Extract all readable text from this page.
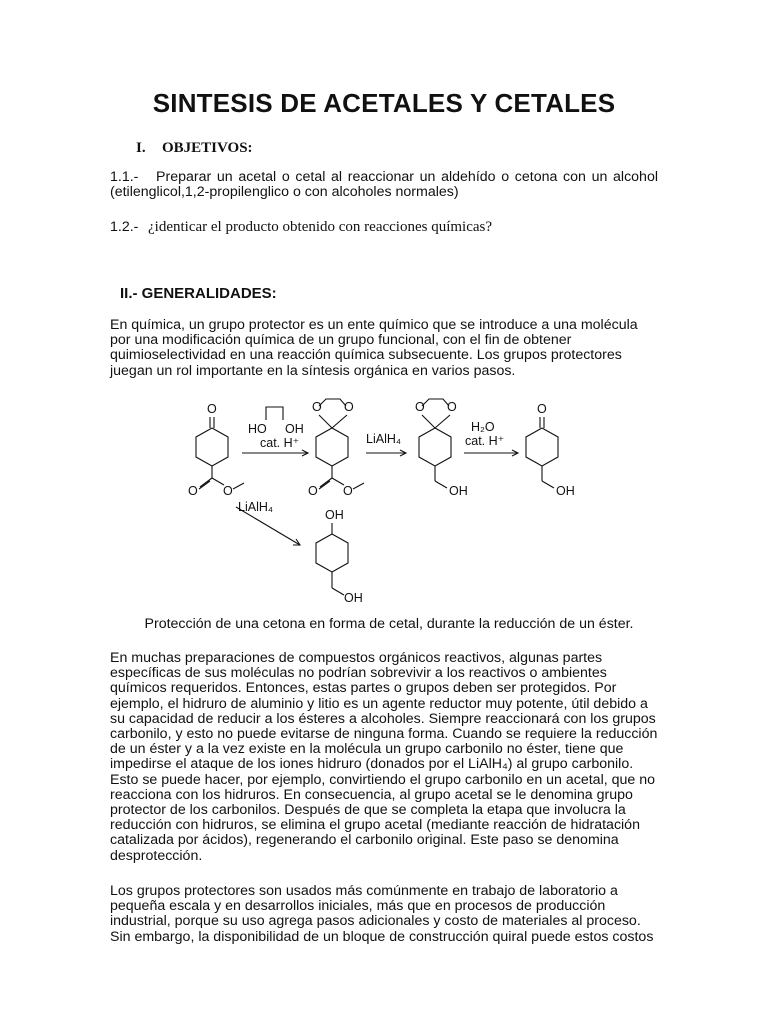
SINTESIS DE ACETALES Y CETALES
I. OBJETIVOS:
1.1.-	Preparar un acetal o cetal al reaccionar un aldehído o cetona con un alcohol
(etilenglicol,1,2-propilenglico o con alcoholes normales)
1.2.- ¿identicar el producto obtenido con reacciones químicas?
II.- GENERALIDADES:
En química, un grupo protector es un ente químico que se introduce a una molécula
por una modificación química de un grupo funcional, con el fin de obtener
quimioselectividad en una reacción química subsecuente. Los grupos protectores
juegan un rol importante en la síntesis orgánica en varios pasos.
O
O O
HO OH
cat. H⁺
O O
O O
LiAlH₄
O O
OH
H₂O
cat. H⁺
O
OH
LiAlH₄
OH
OH
Protección de una cetona en forma de cetal, durante la reducción de un éster.
En muchas preparaciones de compuestos orgánicos reactivos, algunas partes
específicas de sus moléculas no podrían sobrevivir a los reactivos o ambientes
químicos requeridos. Entonces, estas partes o grupos deben ser protegidos. Por
ejemplo, el hidruro de aluminio y litio es un agente reductor muy potente, útil debido a
su capacidad de reducir a los ésteres a alcoholes. Siempre reaccionará con los grupos
carbonilo, y esto no puede evitarse de ninguna forma. Cuando se requiere la reducción
de un éster y a la vez existe en la molécula un grupo carbonilo no éster, tiene que
impedirse el ataque de los iones hidruro (donados por el LiAlH₄) al grupo carbonilo.
Esto se puede hacer, por ejemplo, convirtiendo el grupo carbonilo en un acetal, que no
reacciona con los hidruros. En consecuencia, al grupo acetal se le denomina grupo
protector de los carbonilos. Después de que se completa la etapa que involucra la
reducción con hidruros, se elimina el grupo acetal (mediante reacción de hidratación
catalizada por ácidos), regenerando el carbonilo original. Este paso se denomina
desprotección.
Los grupos protectores son usados más comúnmente en trabajo de laboratorio a
pequeña escala y en desarrollos iniciales, más que en procesos de producción
industrial, porque su uso agrega pasos adicionales y costo de materiales al proceso.
Sin embargo, la disponibilidad de un bloque de construcción quiral puede estos costos
